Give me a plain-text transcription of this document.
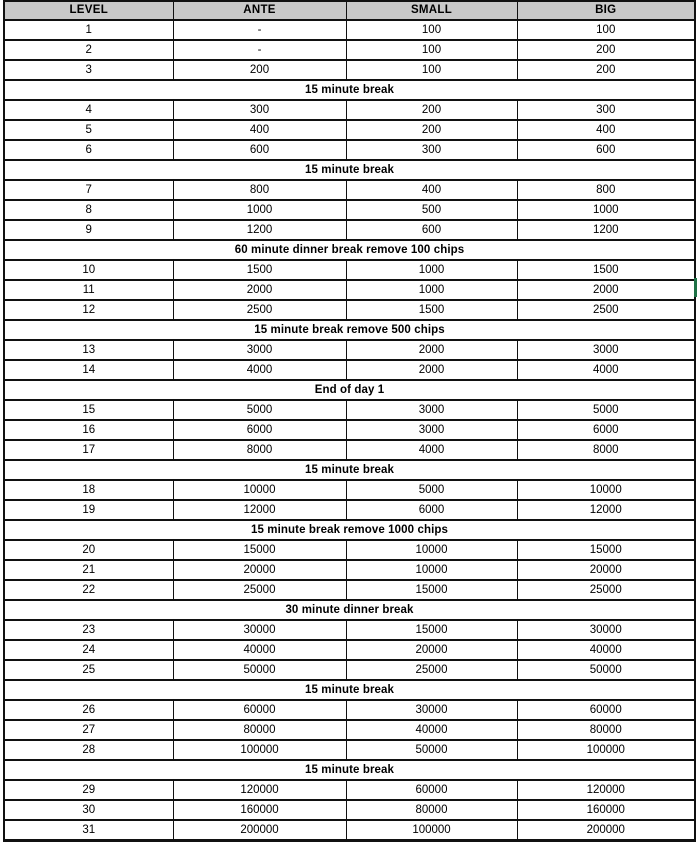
LEVEL	ANTE	SMALL	BIG
1	-	100	100
2	-	100	200
3	200	100	200
15 minute break			
4	300	200	300
5	400	200	400
6	600	300	600
15 minute break			
7	800	400	800
8	1000	500	1000
9	1200	600	1200
60 minute dinner break remove 100 chips			
10	1500	1000	1500
11	2000	1000	2000
12	2500	1500	2500
15 minute break remove 500 chips			
13	3000	2000	3000
14	4000	2000	4000
End of day 1			
15	5000	3000	5000
16	6000	3000	6000
17	8000	4000	8000
15 minute break			
18	10000	5000	10000
19	12000	6000	12000
15 minute break remove 1000 chips			
20	15000	10000	15000
21	20000	10000	20000
22	25000	15000	25000
30 minute dinner break			
23	30000	15000	30000
24	40000	20000	40000
25	50000	25000	50000
15 minute break			
26	60000	30000	60000
27	80000	40000	80000
28	100000	50000	100000
15 minute break			
29	120000	60000	120000
30	160000	80000	160000
31	200000	100000	200000
